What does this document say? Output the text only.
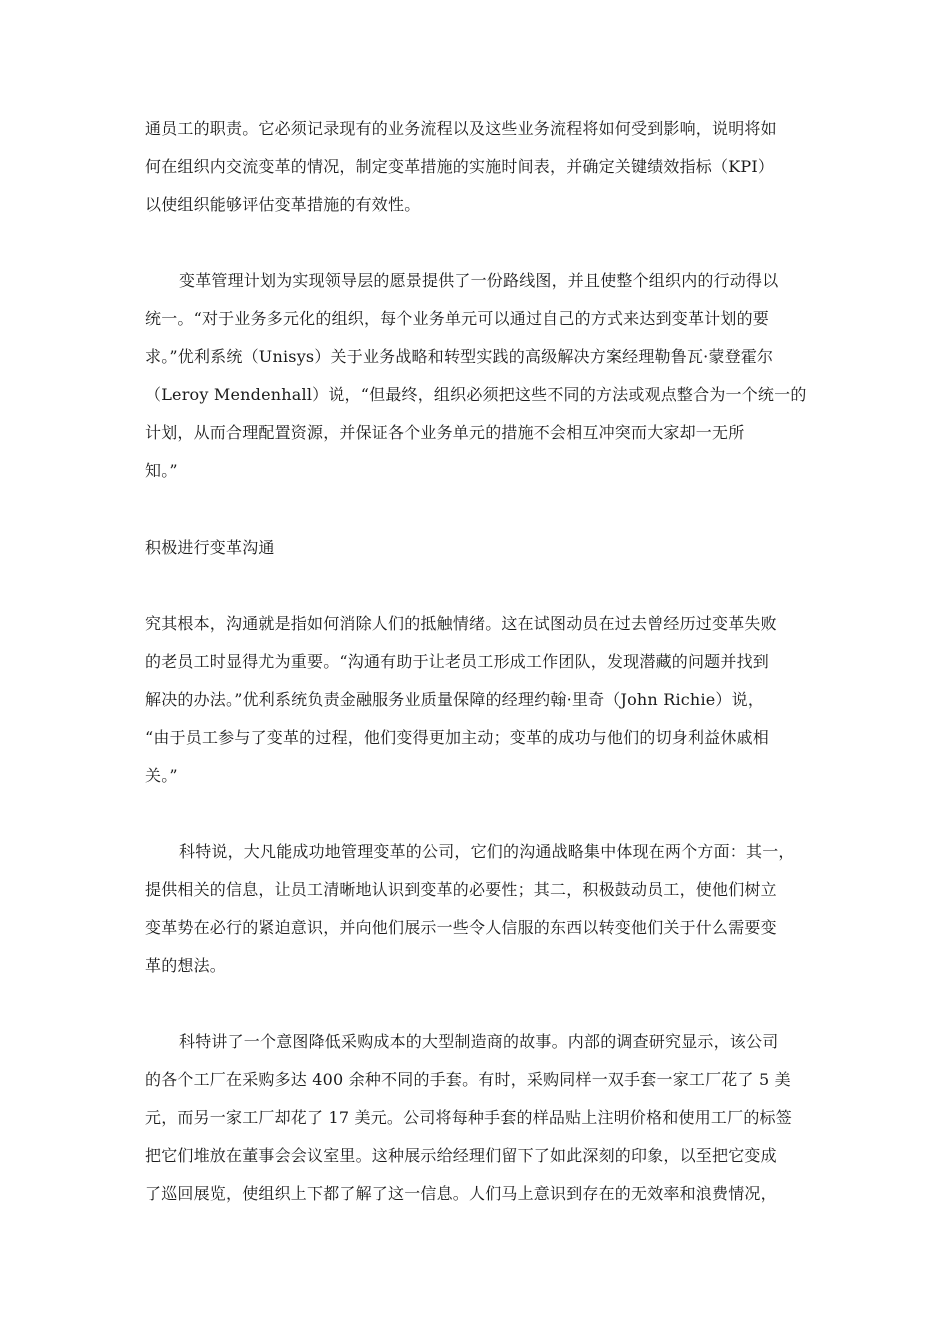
通员工的职责。它必须记录现有的业务流程以及这些业务流程将如何受到影响，说明将如
何在组织内交流变革的情况，制定变革措施的实施时间表，并确定关键绩效指标（KPI）
以使组织能够评估变革措施的有效性。
变革管理计划为实现领导层的愿景提供了一份路线图，并且使整个组织内的行动得以
统一。“对于业务多元化的组织，每个业务单元可以通过自己的方式来达到变革计划的要
求。”优利系统（Unisys）关于业务战略和转型实践的高级解决方案经理勒鲁瓦·蒙登霍尔
（Leroy Mendenhall）说，“但最终，组织必须把这些不同的方法或观点整合为一个统一的
计划，从而合理配置资源，并保证各个业务单元的措施不会相互冲突而大家却一无所
知。”
积极进行变革沟通
究其根本，沟通就是指如何消除人们的抵触情绪。这在试图动员在过去曾经历过变革失败
的老员工时显得尤为重要。“沟通有助于让老员工形成工作团队，发现潜藏的问题并找到
解决的办法。”优利系统负责金融服务业质量保障的经理约翰·里奇（John Richie）说，
“由于员工参与了变革的过程，他们变得更加主动；变革的成功与他们的切身利益休戚相
关。”
科特说，大凡能成功地管理变革的公司，它们的沟通战略集中体现在两个方面：其一，
提供相关的信息，让员工清晰地认识到变革的必要性；其二，积极鼓动员工，使他们树立
变革势在必行的紧迫意识，并向他们展示一些令人信服的东西以转变他们关于什么需要变
革的想法。
科特讲了一个意图降低采购成本的大型制造商的故事。内部的调查研究显示，该公司
的各个工厂在采购多达 400 余种不同的手套。有时，采购同样一双手套一家工厂花了 5 美
元，而另一家工厂却花了 17 美元。公司将每种手套的样品贴上注明价格和使用工厂的标签
把它们堆放在董事会会议室里。这种展示给经理们留下了如此深刻的印象，以至把它变成
了巡回展览，使组织上下都了解了这一信息。人们马上意识到存在的无效率和浪费情况，
